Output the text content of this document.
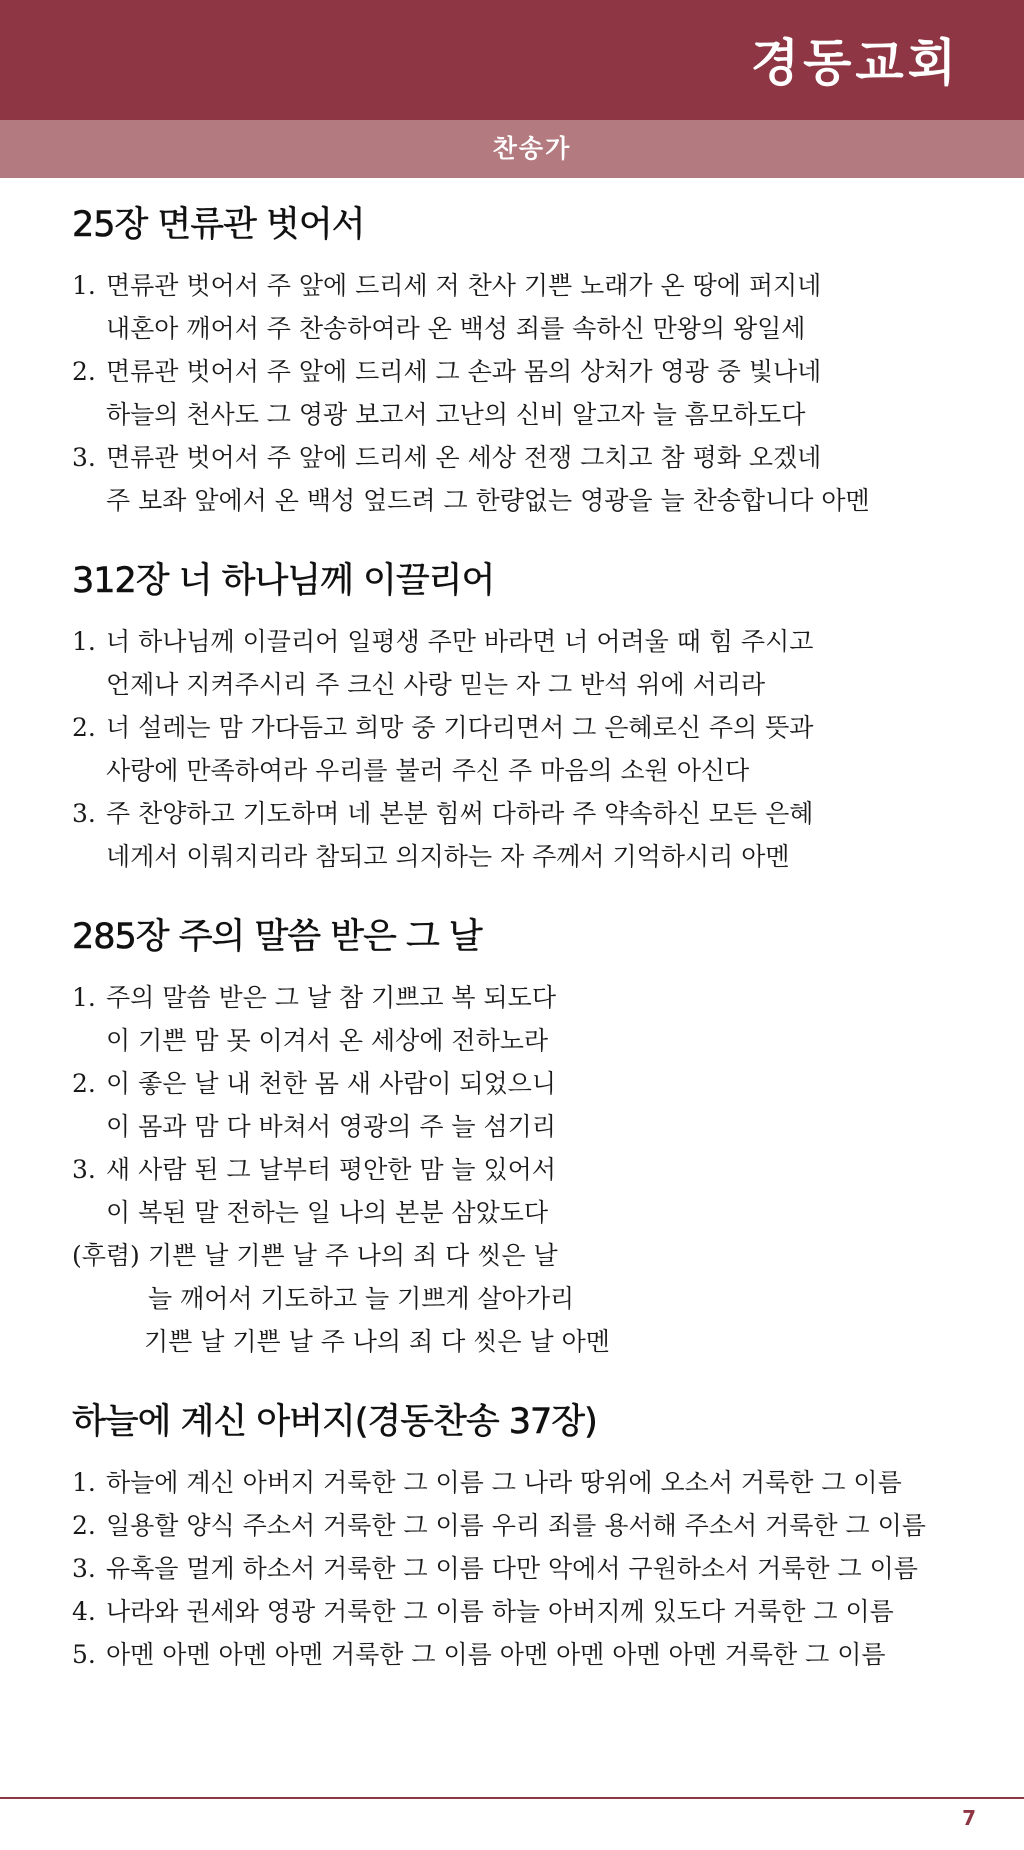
경동교회
찬송가
25장 면류관 벗어서
1. 면류관 벗어서 주 앞에 드리세 저 찬사 기쁜 노래가 온 땅에 퍼지네
내혼아 깨어서 주 찬송하여라 온 백성 죄를 속하신 만왕의 왕일세
2. 면류관 벗어서 주 앞에 드리세 그 손과 몸의 상처가 영광 중 빛나네
하늘의 천사도 그 영광 보고서 고난의 신비 알고자 늘 흠모하도다
3. 면류관 벗어서 주 앞에 드리세 온 세상 전쟁 그치고 참 평화 오겠네
주 보좌 앞에서 온 백성 엎드려 그 한량없는 영광을 늘 찬송합니다 아멘
312장 너 하나님께 이끌리어
1. 너 하나님께 이끌리어 일평생 주만 바라면 너 어려울 때 힘 주시고
언제나 지켜주시리 주 크신 사랑 믿는 자 그 반석 위에 서리라
2. 너 설레는 맘 가다듬고 희망 중 기다리면서 그 은혜로신 주의 뜻과
사랑에 만족하여라 우리를 불러 주신 주 마음의 소원 아신다
3. 주 찬양하고 기도하며 네 본분 힘써 다하라 주 약속하신 모든 은혜
네게서 이뤄지리라 참되고 의지하는 자 주께서 기억하시리 아멘
285장 주의 말씀 받은 그 날
1. 주의 말씀 받은 그 날 참 기쁘고 복 되도다
이 기쁜 맘 못 이겨서 온 세상에 전하노라
2. 이 좋은 날 내 천한 몸 새 사람이 되었으니
이 몸과 맘 다 바쳐서 영광의 주 늘 섬기리
3. 새 사람 된 그 날부터 평안한 맘 늘 있어서
이 복된 말 전하는 일 나의 본분 삼았도다
(후렴) 기쁜 날 기쁜 날 주 나의 죄 다 씻은 날
늘 깨어서 기도하고 늘 기쁘게 살아가리
기쁜 날 기쁜 날 주 나의 죄 다 씻은 날 아멘
하늘에 계신 아버지(경동찬송 37장)
1. 하늘에 계신 아버지 거룩한 그 이름 그 나라 땅위에 오소서 거룩한 그 이름
2. 일용할 양식 주소서 거룩한 그 이름 우리 죄를 용서해 주소서 거룩한 그 이름
3. 유혹을 멀게 하소서 거룩한 그 이름 다만 악에서 구원하소서 거룩한 그 이름
4. 나라와 권세와 영광 거룩한 그 이름 하늘 아버지께 있도다 거룩한 그 이름
5. 아멘 아멘 아멘 아멘 거룩한 그 이름 아멘 아멘 아멘 아멘 거룩한 그 이름
7
